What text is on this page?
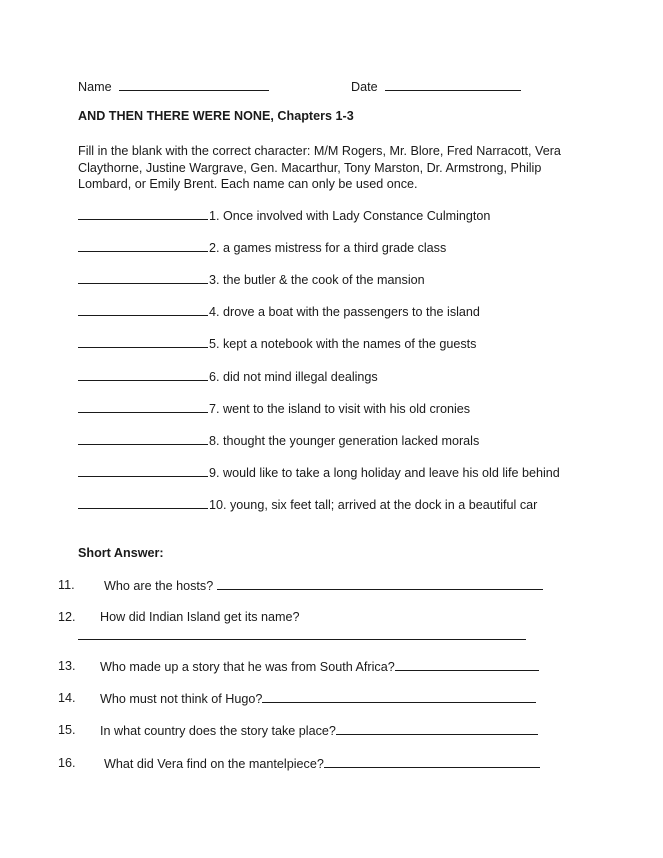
Name	Date
AND THEN THERE WERE NONE, Chapters 1-3
Fill in the blank with the correct character: M/M Rogers, Mr. Blore, Fred Narracott, Vera Claythorne, Justine Wargrave, Gen. Macarthur, Tony Marston, Dr. Armstrong, Philip Lombard, or Emily Brent. Each name can only be used once.
1. Once involved with Lady Constance Culmington
2. a games mistress for a third grade class
3. the butler & the cook of the mansion
4. drove a boat with the passengers to the island
5. kept a notebook with the names of the guests
6. did not mind illegal dealings
7. went to the island to visit with his old cronies
8. thought the younger generation lacked morals
9. would like to take a long holiday and leave his old life behind
10. young, six feet tall; arrived at the dock in a beautiful car
Short Answer:
11. Who are the hosts?
12. How did Indian Island get its name?
13. Who made up a story that he was from South Africa?
14. Who must not think of Hugo?
15. In what country does the story take place?
16. What did Vera find on the mantelpiece?
